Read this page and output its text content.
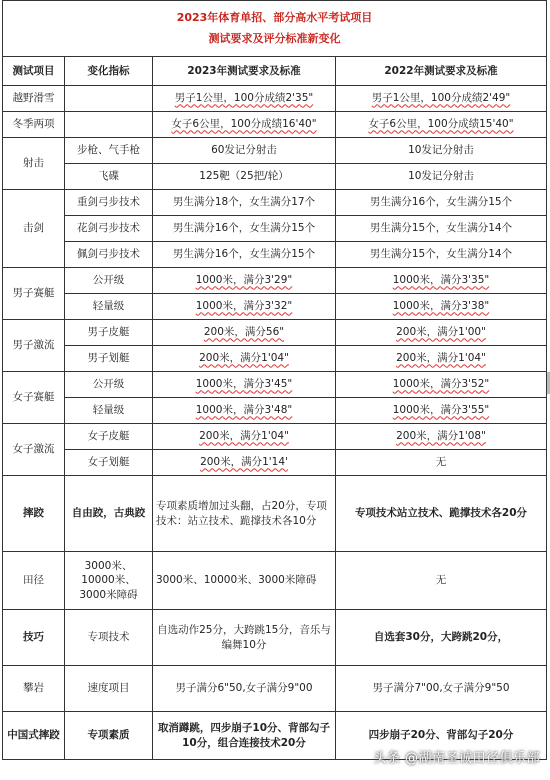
2023年体育单招、部分高水平考试项目
测试要求及评分标准新变化			

测试项目	变化指标	2023年测试要求及标准	2022年测试要求及标准
越野滑雪		男子1公里，100分成绩2'35"	男子1公里，100分成绩2'49"
冬季两项		女子6公里，100分成绩16'40"	女子6公里，100分成绩15'40"
射击	步枪、气手枪	60发记分射击	10发记分射击
	飞碟	125靶（25把/轮）	10发记分射击
击剑	重剑弓步技术	男生满分18个，女生满分17个	男生满分16个，女生满分15个
	花剑弓步技术	男生满分16个，女生满分15个	男生满分15个，女生满分14个
	佩剑弓步技术	男生满分16个，女生满分15个	男生满分15个，女生满分14个
男子赛艇	公开级	1000米，满分3'29"	1000米，满分3'35"
	轻量级	1000米，满分3'32"	1000米，满分3'38"
男子激流	男子皮艇	200米，满分56"	200米，满分1'00"
	男子划艇	200米，满分1'04"	200米，满分1'04"
女子赛艇	公开级	1000米，满分3'45"	1000米，满分3'52"
	轻量级	1000米，满分3'48"	1000米，满分3'55"
女子激流	女子皮艇	200米，满分1'04"	200米，满分1'08"
	女子划艇	200米，满分1'14'	无
摔跤	自由跤，古典跤	专项素质增加过头翻，占20分，专项 技术：站立技术、跪撑技术各10分	专项技术站立技术、跪撑技术各20分
田径	3000米、10000米、3000米障碍	3000米、10000米、3000米障碍	无
技巧	专项技术	自选动作25分，大跨跳15分，音乐与编舞10分	自选套30分，大跨跳20分，
攀岩	速度项目	男子满分6"50,女子满分9"00	男子满分7"00,女子满分9"50
中国式摔跤	专项素质	取消蹲跳，四步崩子10分、背部勾子 10分，组合连接技术20分	四步崩子20分、背部勾子20分
头条 @湖南圣诚田径俱乐部
